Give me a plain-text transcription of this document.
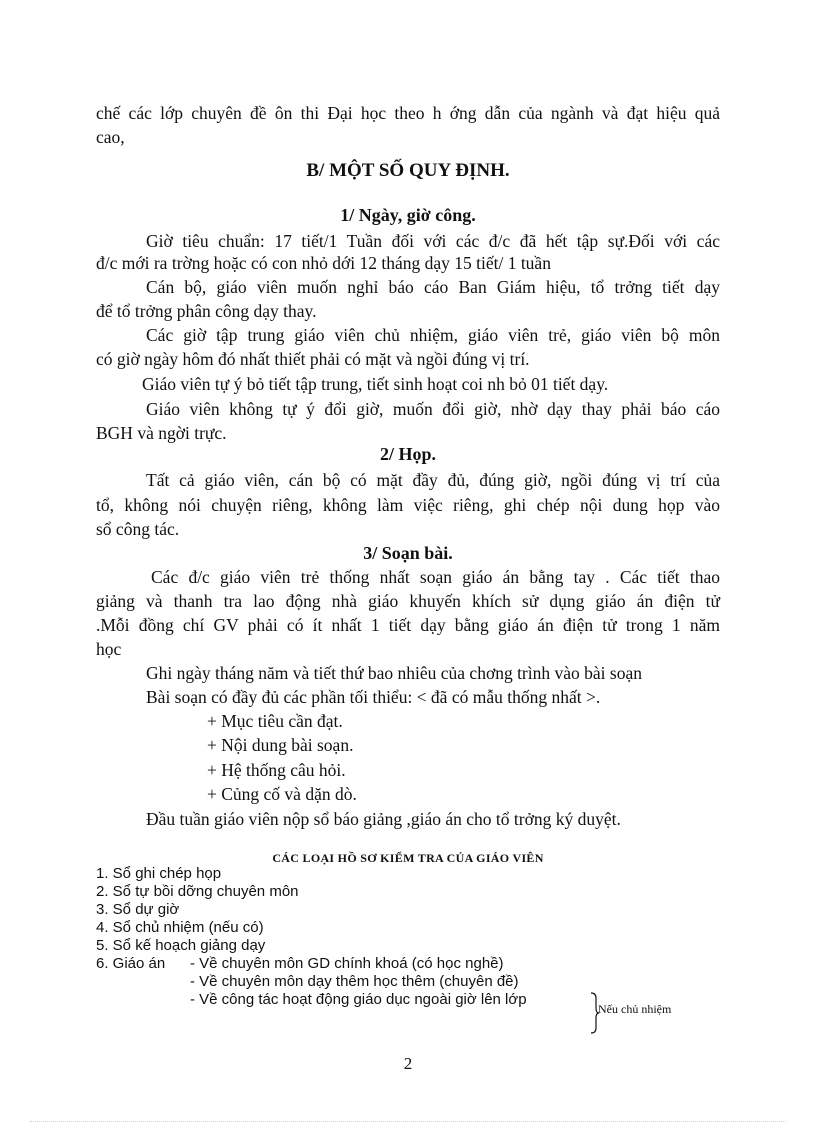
chế các lớp chuyên đề ôn thi Đại học theo h ớng dẫn của ngành và đạt hiệu quả
cao,
B/ MỘT SỐ QUY ĐỊNH.
1/ Ngày, giờ công.
Giờ tiêu chuẩn: 17 tiết/1 Tuần đối với các đ/c đã hết tập sự.Đối với các
đ/c mới ra trờng hoặc có con nhỏ dới 12 tháng dạy 15 tiết/ 1 tuần
Cán bộ, giáo viên muốn nghỉ báo cáo Ban Giám hiệu, tổ trởng tiết dạy
để tổ trởng phân công dạy thay.
Các giờ tập trung giáo viên chủ nhiệm, giáo viên trẻ, giáo viên bộ môn
có giờ ngày hôm đó nhất thiết phải có mặt và ngồi đúng vị trí.
Giáo viên tự ý bỏ tiết tập trung, tiết sinh hoạt coi nh bỏ 01 tiết dạy.
Giáo viên không tự ý đổi giờ, muốn đổi giờ, nhờ dạy thay phải báo cáo
BGH và ngời trực.
2/ Họp.
Tất cả giáo viên, cán bộ có mặt đầy đủ, đúng giờ, ngồi đúng vị trí của
tổ, không nói chuyện riêng, không làm việc riêng, ghi chép nội dung họp vào
sổ công tác.
3/ Soạn bài.
Các đ/c giáo viên trẻ thống nhất soạn giáo án bằng tay . Các tiết thao
giảng và thanh tra lao động nhà giáo khuyến khích sử dụng giáo án điện tử
.Mỗi đồng chí GV phải có ít nhất 1 tiết dạy bằng giáo án điện tử trong 1 năm
học
Ghi ngày tháng năm và tiết thứ bao nhiêu của chơng trình vào bài soạn
Bài soạn có đầy đủ các phần tối thiểu: < đã có mẫu thống nhất >.
+ Mục tiêu cần đạt.
+ Nội dung bài soạn.
+ Hệ thống câu hỏi.
+ Củng cố và dặn dò.
Đầu tuần giáo viên nộp sổ báo giảng ,giáo án cho tổ trởng ký duyệt.
CÁC LOẠI HỒ SƠ KIỂM TRA CỦA GIÁO VIÊN
1. Sổ ghi chép họp
2. Sổ tự bồi dỡng chuyên môn
3. Sổ dự giờ
4. Sổ chủ nhiệm (nếu có)
5. Sổ kế hoạch giảng dạy
6. Giáo án - Về chuyên môn GD chính khoá (có học nghề)
- Về chuyên môn dạy thêm học thêm (chuyên đề)
- Về công tác hoạt động giáo dục ngoài giờ lên lớp
Nếu chủ nhiệm
2
